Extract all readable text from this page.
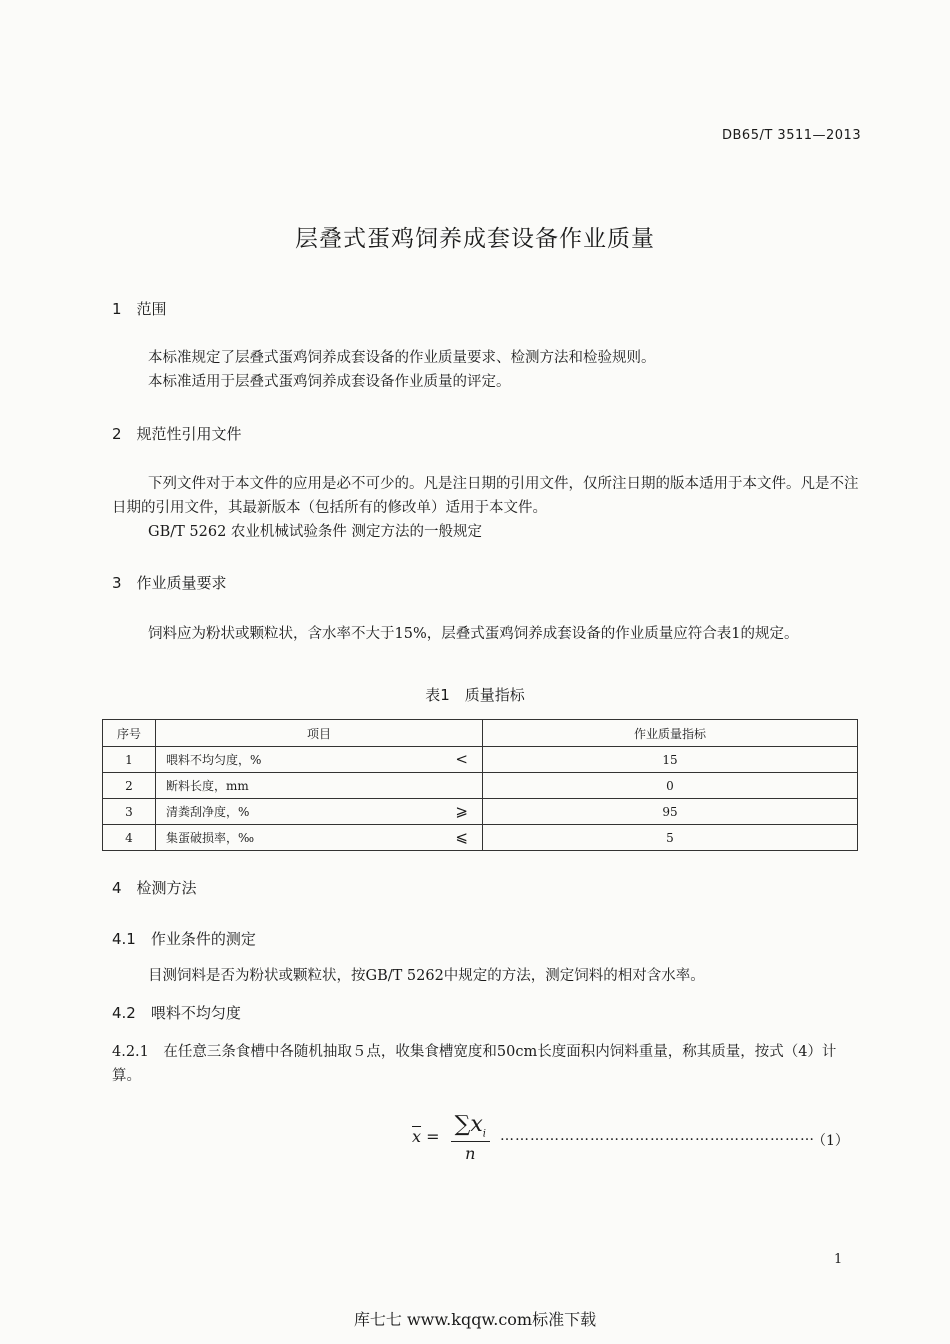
DB65/T 3511—2013
层叠式蛋鸡饲养成套设备作业质量
1　范围
本标准规定了层叠式蛋鸡饲养成套设备的作业质量要求、检测方法和检验规则。
本标准适用于层叠式蛋鸡饲养成套设备作业质量的评定。
2　规范性引用文件
下列文件对于本文件的应用是必不可少的。凡是注日期的引用文件，仅所注日期的版本适用于本文件。凡是不注日期的引用文件，其最新版本（包括所有的修改单）适用于本文件。
GB/T 5262 农业机械试验条件 测定方法的一般规定
3　作业质量要求
饲料应为粉状或颗粒状，含水率不大于15%，层叠式蛋鸡饲养成套设备的作业质量应符合表1的规定。
表1　质量指标
序号	项目	作业质量指标
1	喂料不均匀度，% <	15
2	断料长度，mm	0
3	清粪刮净度，% ⩾	95
4	集蛋破损率，‰ ⩽	5
4　检测方法
4.1　作业条件的测定
目测饲料是否为粉状或颗粒状，按GB/T 5262中规定的方法，测定饲料的相对含水率。
4.2　喂料不均匀度
4.2.1　在任意三条食槽中各随机抽取５点，收集食槽宽度和50cm长度面积内饲料重量，称其质量，按式（4）计算。
$\overline{x} = \frac{\sum x_i}{n}$ ………………………………………………………
（1）
1
库七七 www.kqqw.com标准下载
